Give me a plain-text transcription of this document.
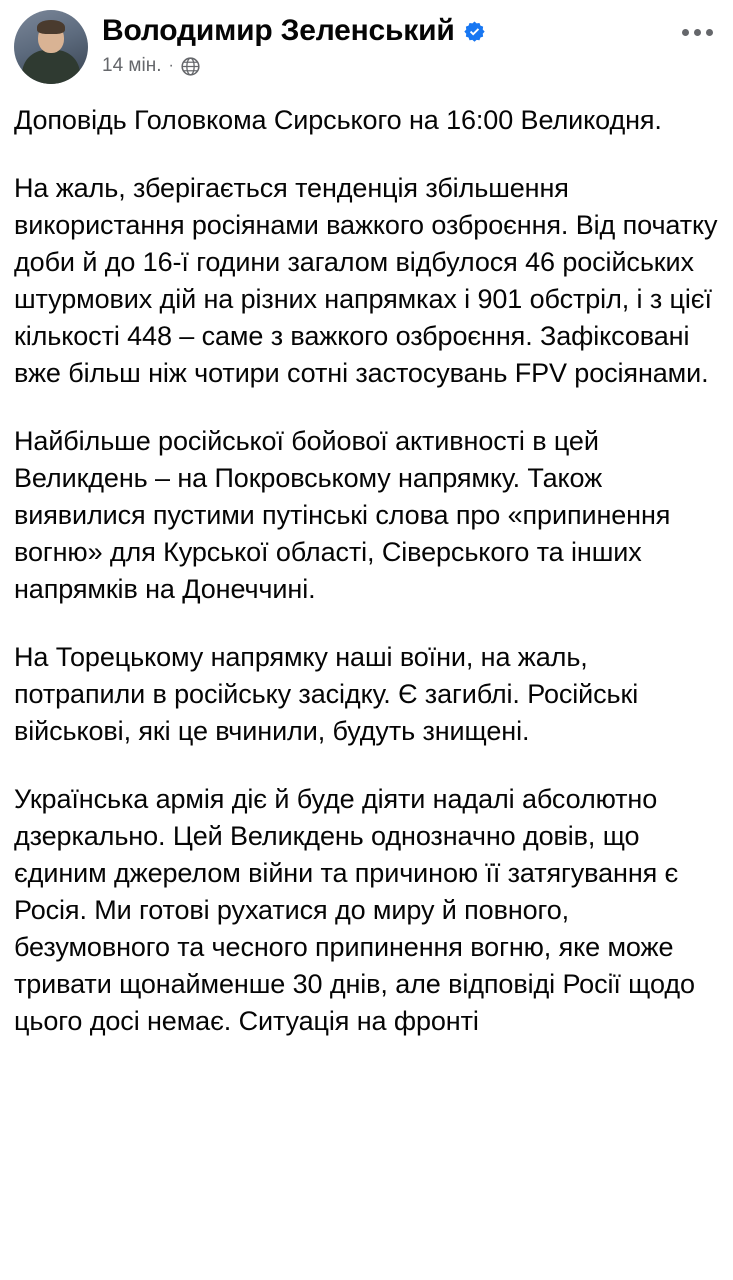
Володимир Зеленський
14 мін. ·

Доповідь Головкома Сирського на 16:00 Великодня.

На жаль, зберігається тенденція збільшення використання росіянами важкого озброєння. Від початку доби й до 16-ї години загалом відбулося 46 російських штурмових дій на різних напрямках і 901 обстріл, і з цієї кількості 448 – саме з важкого озброєння. Зафіксовані вже більш ніж чотири сотні застосувань FPV росіянами.

Найбільше російської бойової активності в цей Великдень – на Покровському напрямку. Також виявилися пустими путінські слова про «припинення вогню» для Курської області, Сіверського та інших напрямків на Донеччині.

На Торецькому напрямку наші воїни, на жаль, потрапили в російську засідку. Є загиблі. Російські військові, які це вчинили, будуть знищені.

Українська армія діє й буде діяти надалі абсолютно дзеркально. Цей Великдень однозначно довів, що єдиним джерелом війни та причиною її затягування є Росія. Ми готові рухатися до миру й повного, безумовного та чесного припинення вогню, яке може тривати щонайменше 30 днів, але відповіді Росії щодо цього досі немає. Ситуація на фронті
